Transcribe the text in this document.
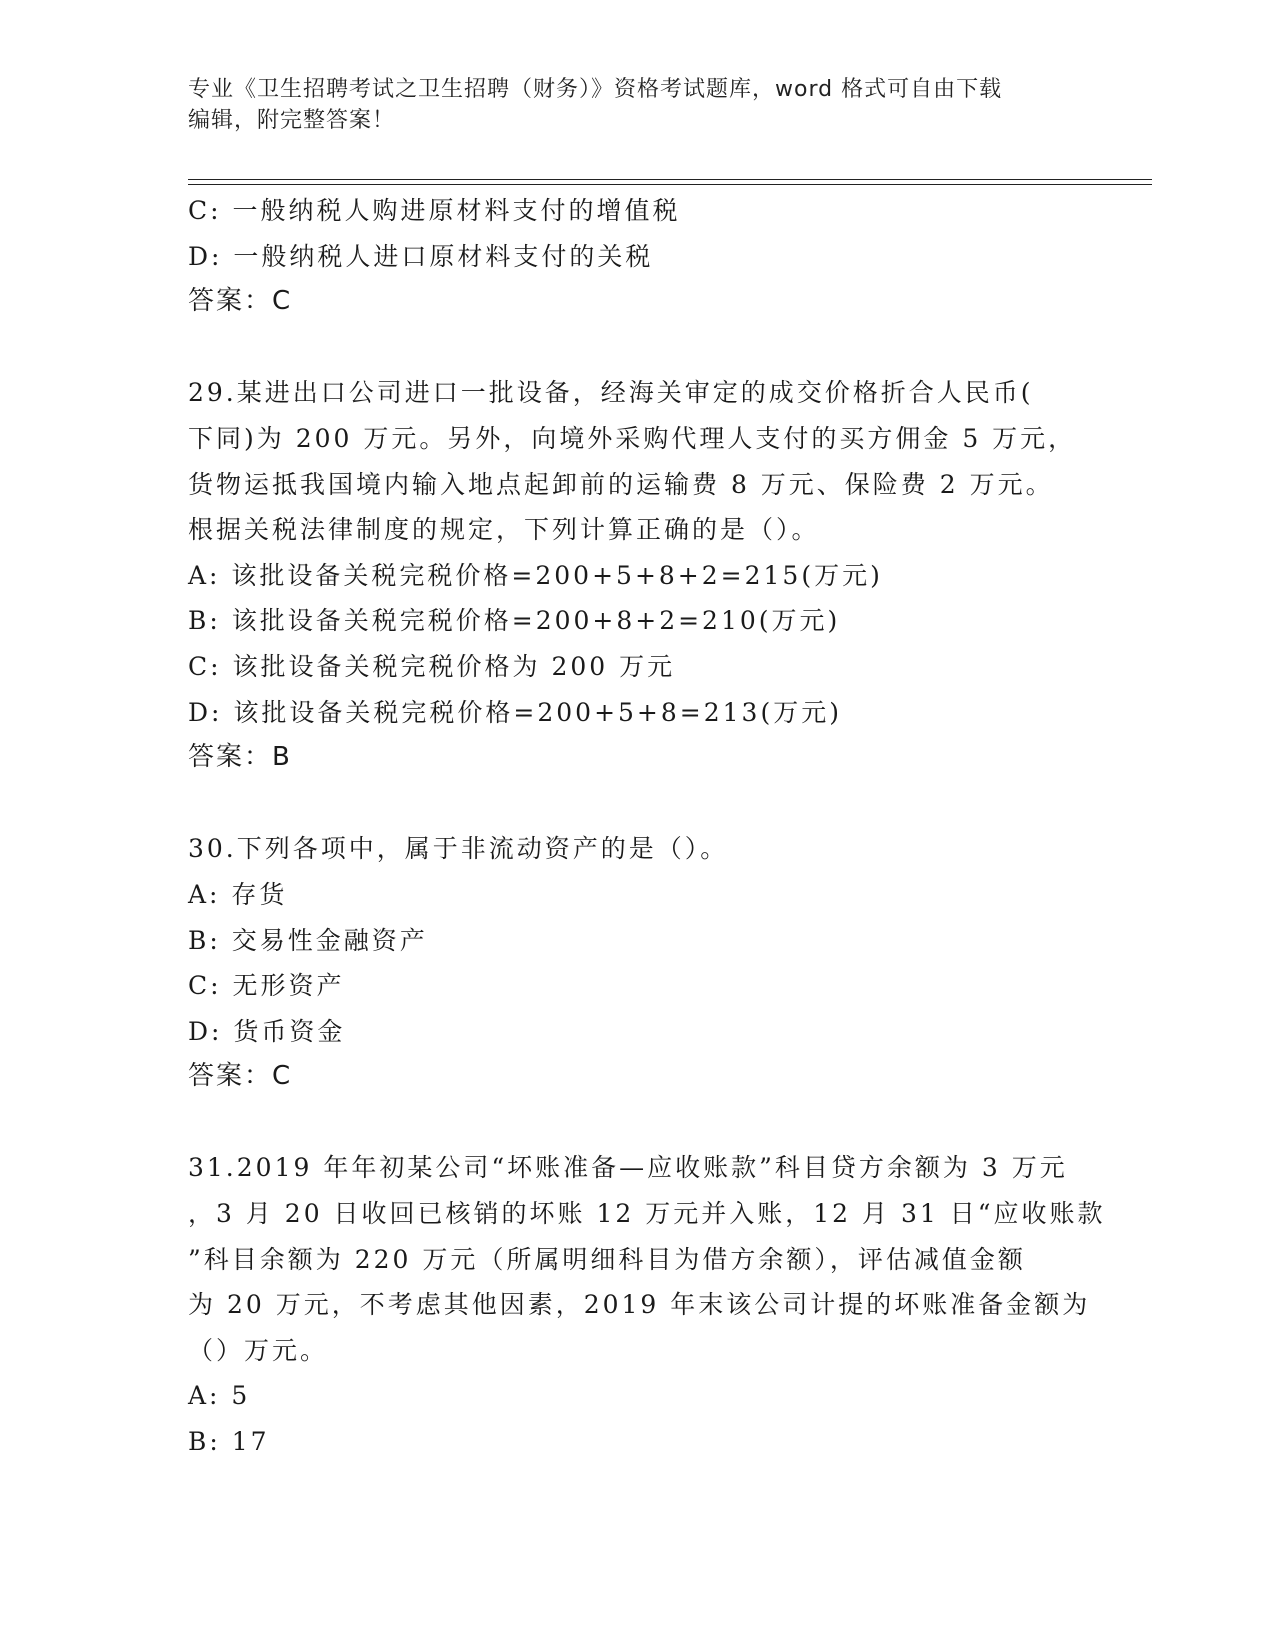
专业《卫生招聘考试之卫生招聘（财务）》资格考试题库，word 格式可自由下载
编辑，附完整答案！
C: 一般纳税人购进原材料支付的增值税
D: 一般纳税人进口原材料支付的关税
答案：C
29.某进出口公司进口一批设备，经海关审定的成交价格折合人民币(
下同)为 200 万元。另外，向境外采购代理人支付的买方佣金 5 万元，
货物运抵我国境内输入地点起卸前的运输费 8 万元、保险费 2 万元。
根据关税法律制度的规定，下列计算正确的是（）。
A: 该批设备关税完税价格=200+5+8+2=215(万元)
B: 该批设备关税完税价格=200+8+2=210(万元)
C: 该批设备关税完税价格为 200 万元
D: 该批设备关税完税价格=200+5+8=213(万元)
答案：B
30.下列各项中，属于非流动资产的是（）。
A: 存货
B: 交易性金融资产
C: 无形资产
D: 货币资金
答案：C
31.2019 年年初某公司“坏账准备—应收账款”科目贷方余额为 3 万元
，3 月 20 日收回已核销的坏账 12 万元并入账，12 月 31 日“应收账款
”科目余额为 220 万元（所属明细科目为借方余额），评估减值金额
为 20 万元，不考虑其他因素，2019 年末该公司计提的坏账准备金额为
（）万元。
A: 5
B: 17
